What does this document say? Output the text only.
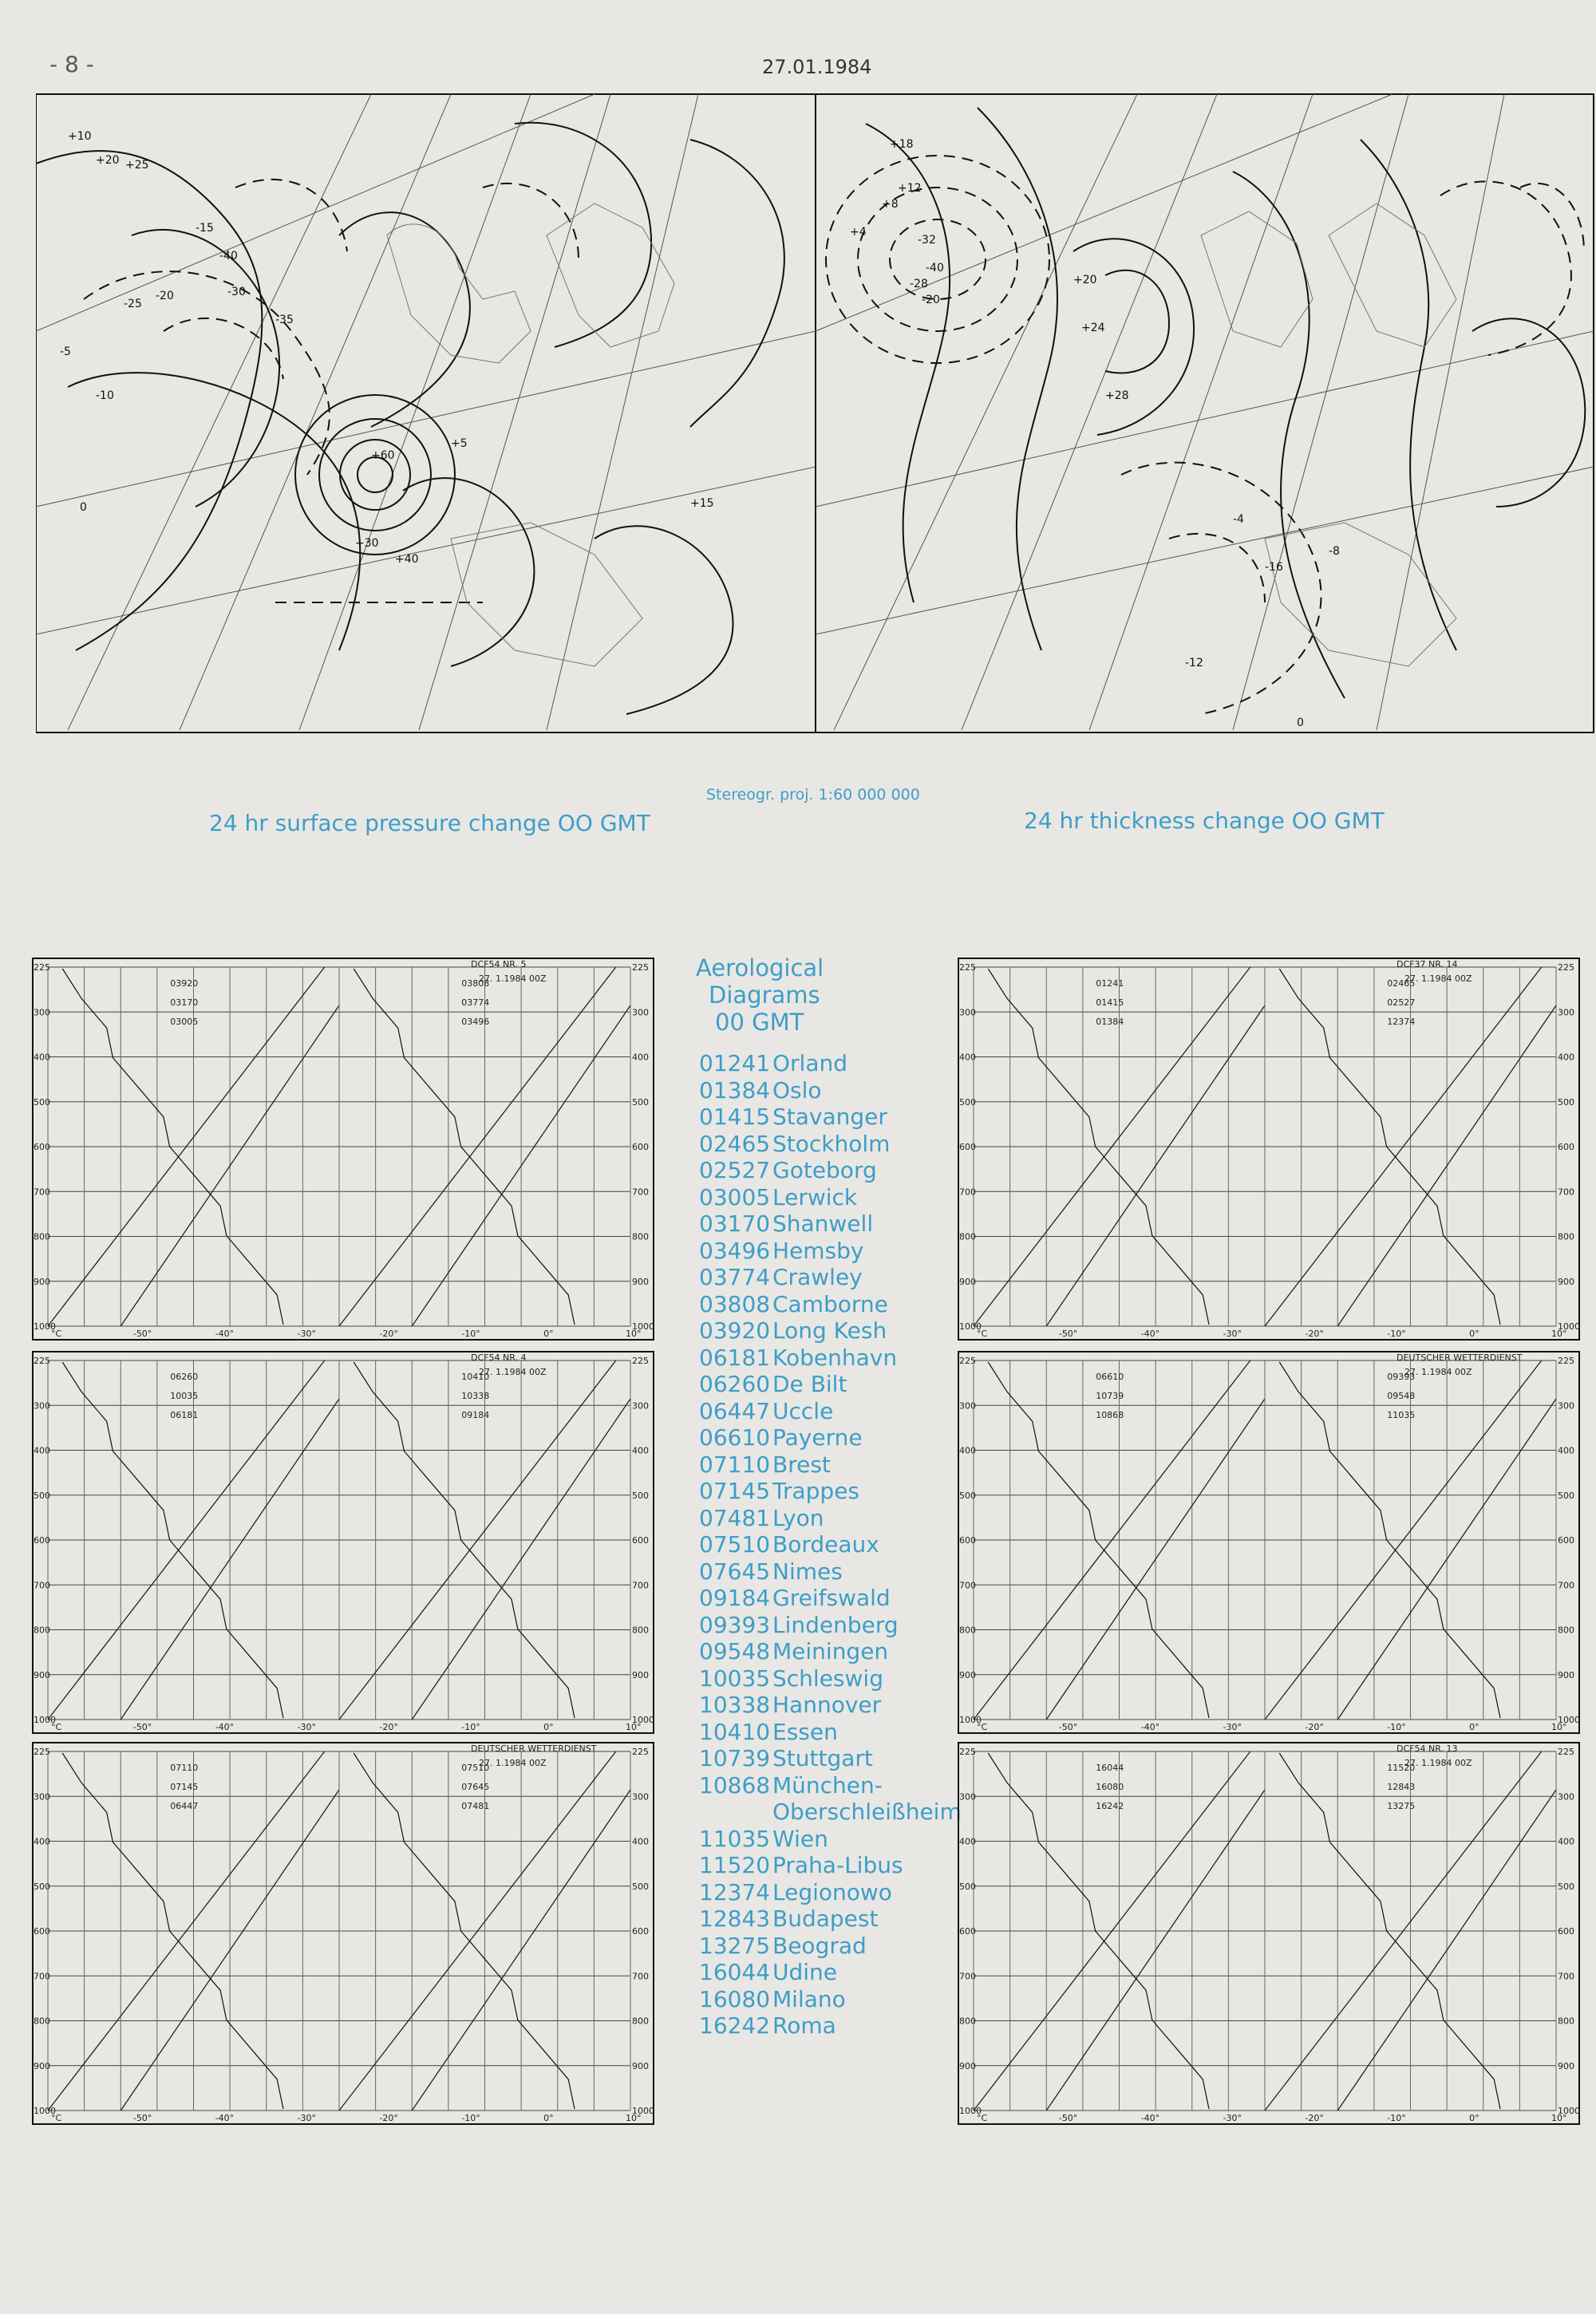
- 8 -	27.01.1984
+10
+20 +25
-15
-20	-30
-40
-35
-25
-10
-5
0
+5
+15
+30
+40
+60
+18
+12
+8
+4
-4
-8
-12
-20
-28
-32
-40
+20
+24
+28
-16
0
Stereogr. proj. 1:60 000 000
24 hr surface pressure change OO GMT	24 hr thickness change OO GMT
Aerological
Diagrams
00 GMT
01241 Orland
01384 Oslo
01415 Stavanger
02465 Stockholm
02527 Goteborg
03005 Lerwick
03170 Shanwell
03496 Hemsby
03774 Crawley
03808 Camborne
03920 Long Kesh
06181 Kobenhavn
06260 De Bilt
06447 Uccle
06610 Payerne
07110 Brest
07145 Trappes
07481 Lyon
07510 Bordeaux
07645 Nimes
09184 Greifswald
09393 Lindenberg
09548 Meiningen
10035 Schleswig
10338 Hannover
10410 Essen
10739 Stuttgart
10868 München-
Oberschleißheim
11035 Wien
11520 Praha-Libus
12374 Legionowo
12843 Budapest
13275 Beograd
16044 Udine
16080 Milano
16242 Roma
225	225
300	300
400	400
500	500
600	600
700	700
800	800
900	900
1000	1000
03920
03170
03005
03808
03774
03496
°C	-50°	-40°	-30°	-20°	-10°	0°	10°
DCF54 NR. 5
27. 1.1984 00Z
225	225
300	300
400	400
500	500
600	600
700	700
800	800
900	900
1000	1000
06260
10035
06181
10410
10338
09184
°C	-50°	-40°	-30°	-20°	-10°	0°	10°
DCF54 NR. 4
27. 1.1984 00Z
225	225
300	300
400	400
500	500
600	600
700	700
800	800
900	900
1000	1000
07110
07145
06447
07510
07645
07481
°C	-50°	-40°	-30°	-20°	-10°	0°	10°
DEUTSCHER WETTERDIENST
27. 1.1984 00Z
225	225
300	300
400	400
500	500
600	600
700	700
800	800
900	900
1000	1000
01241
01415
01384
02465
02527
12374
°C	-50°	-40°	-30°	-20°	-10°	0°	10°
DCF37 NR. 14
27. 1.1984 00Z
225	225
300	300
400	400
500	500
600	600
700	700
800	800
900	900
1000	1000
06610
10739
10868
09393
09548
11035
°C	-50°	-40°	-30°	-20°	-10°	0°	10°
DEUTSCHER WETTERDIENST
27. 1.1984 00Z
225	225
300	300
400	400
500	500
600	600
700	700
800	800
900	900
1000	1000
16044
16080
16242
11520
12843
13275
°C	-50°	-40°	-30°	-20°	-10°	0°	10°
DCF54 NR. 13
27. 1.1984 00Z
